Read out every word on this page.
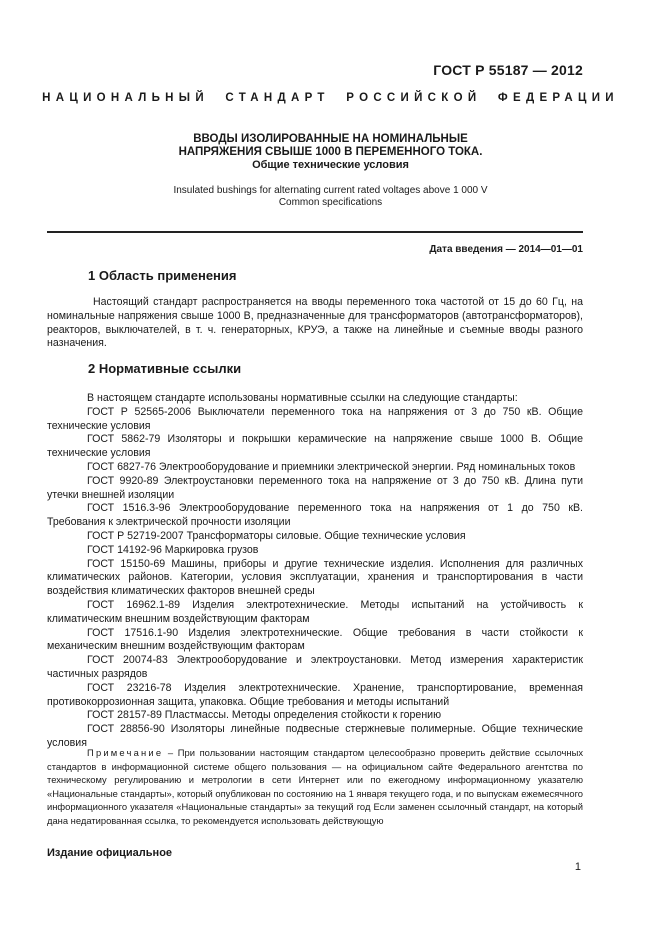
ГОСТ Р 55187 — 2012
НАЦИОНАЛЬНЫЙ СТАНДАРТ РОССИЙСКОЙ ФЕДЕРАЦИИ
ВВОДЫ ИЗОЛИРОВАННЫЕ НА НОМИНАЛЬНЫЕ
НАПРЯЖЕНИЯ СВЫШЕ 1000 В ПЕРЕМЕННОГО ТОКА.
Общие технические условия
Insulated bushings for alternating current rated voltages above 1 000 V
Common specifications
Дата введения — 2014—01—01
1 Область применения
Настоящий стандарт распространяется на вводы переменного тока частотой от 15 до 60 Гц, на номинальные напряжения свыше 1000 В, предназначенные для трансформаторов (автотрансформаторов), реакторов, выключателей, в т. ч. генераторных, КРУЭ, а также на линейные и съемные вводы разного назначения.
2 Нормативные ссылки
В настоящем стандарте использованы нормативные ссылки на следующие стандарты:
ГОСТ Р 52565-2006 Выключатели переменного тока на напряжения от 3 до 750 кВ. Общие технические условия
ГОСТ 5862-79 Изоляторы и покрышки керамические на напряжение свыше 1000 В. Общие технические условия
ГОСТ 6827-76 Электрооборудование и приемники электрической энергии. Ряд номинальных токов
ГОСТ 9920-89 Электроустановки переменного тока на напряжение от 3 до 750 кВ. Длина пути утечки внешней изоляции
ГОСТ 1516.3-96 Электрооборудование переменного тока на напряжения от 1 до 750 кВ. Требования к электрической прочности изоляции
ГОСТ Р 52719-2007 Трансформаторы силовые. Общие технические условия
ГОСТ 14192-96 Маркировка грузов
ГОСТ 15150-69 Машины, приборы и другие технические изделия. Исполнения для различных климатических районов. Категории, условия эксплуатации, хранения и транспортирования в части воздействия климатических факторов внешней среды
ГОСТ 16962.1-89 Изделия электротехнические. Методы испытаний на устойчивость к климатическим внешним воздействующим факторам
ГОСТ 17516.1-90 Изделия электротехнические. Общие требования в части стойкости к механическим внешним воздействующим факторам
ГОСТ 20074-83 Электрооборудование и электроустановки. Метод измерения характеристик частичных разрядов
ГОСТ 23216-78 Изделия электротехнические. Хранение, транспортирование, временная противокоррозионная защита, упаковка. Общие требования и методы испытаний
ГОСТ 28157-89 Пластмассы. Методы определения стойкости к горению
ГОСТ 28856-90 Изоляторы линейные подвесные стержневые полимерные. Общие технические условия
Примечание – При пользовании настоящим стандартом целесообразно проверить действие ссылочных стандартов в информационной системе общего пользования — на официальном сайте Федерального агентства по техническому регулированию и метрологии в сети Интернет или по ежегодному информационному указателю «Национальные стандарты», который опубликован по состоянию на 1 января текущего года, и по выпускам ежемесячного информационного указателя «Национальные стандарты» за текущий год Если заменен ссылочный стандарт, на который дана недатированная ссылка, то рекомендуется использовать действующую
Издание официальное
1
